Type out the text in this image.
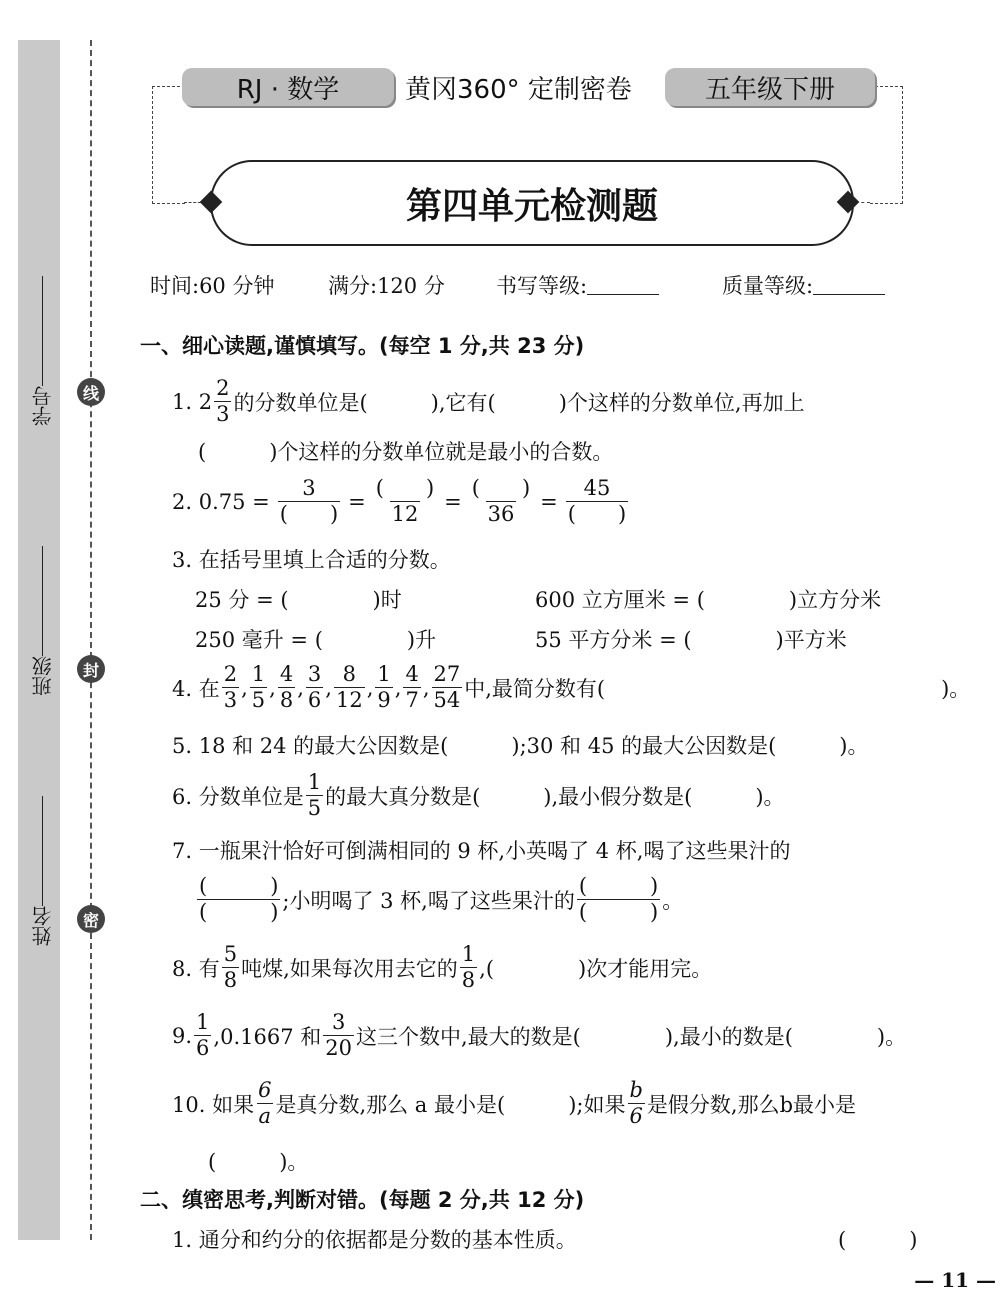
学号
班级
姓名
线
封
密
RJ · 数学	黄冈360° 定制密卷	五年级下册
第四单元检测题
时间:60 分钟	满分:120 分 书写等级:	质量等级:
一、细心读题,谨慎填写。(每空 1 分,共 23 分)
1. $2 \frac{2}{3}$ 的分数单位是(　　　),它有(　　　)个这样的分数单位,再加上
(　　　)个这样的分数单位就是最小的合数。
2. $0.75 = \frac{3}{( )} = \frac{( )}{12} = \frac{( )}{36} = \frac{45}{( )}$
3. 在括号里填上合适的分数。
25 分 = (　　　　)时	600 立方厘米 = (　　　　)立方分米
250 毫升 = (　　　　)升	55 平方分米 = (　　　　)平方米
4. 在 $\frac{2}{3}$ , $\frac{1}{5}$ , $\frac{4}{8}$ , $\frac{3}{6}$ , $\frac{8}{12}$ , $\frac{1}{9}$ , $\frac{4}{7}$ , $\frac{27}{54}$ 中,最简分数有(　　　　　　　　　　　　　　　　)。
5. 18 和 24 的最大公因数是(　　　);30 和 45 的最大公因数是(　　　)。
6. 分数单位是 $\frac{1}{5}$ 的最大真分数是(　　　),最小假分数是(　　　)。
7. 一瓶果汁恰好可倒满相同的 9 杯,小英喝了 4 杯,喝了这些果汁的
$\frac{( )}{( )}$ ;小明喝了 3 杯,喝了这些果汁的 $\frac{( )}{( )}$ 。
8. 有 $\frac{5}{8}$ 吨煤,如果每次用去它的 $\frac{1}{8}$ ,(　　　　)次才能用完。
9. $\frac{1}{6} ,0.1667$ 和 $\frac{3}{20}$ 这三个数中,最大的数是(　　　　),最小的数是(　　　　)。
10. 如果 $\frac{6}{a}$ 是真分数,那么 a 最小是(　　　);如果 $\frac{b}{6}$ 是假分数,那么b最小是
(　　　)。
二、缜密思考,判断对错。(每题 2 分,共 12 分)
1. 通分和约分的依据都是分数的基本性质。	(　　　)
— 11 —
